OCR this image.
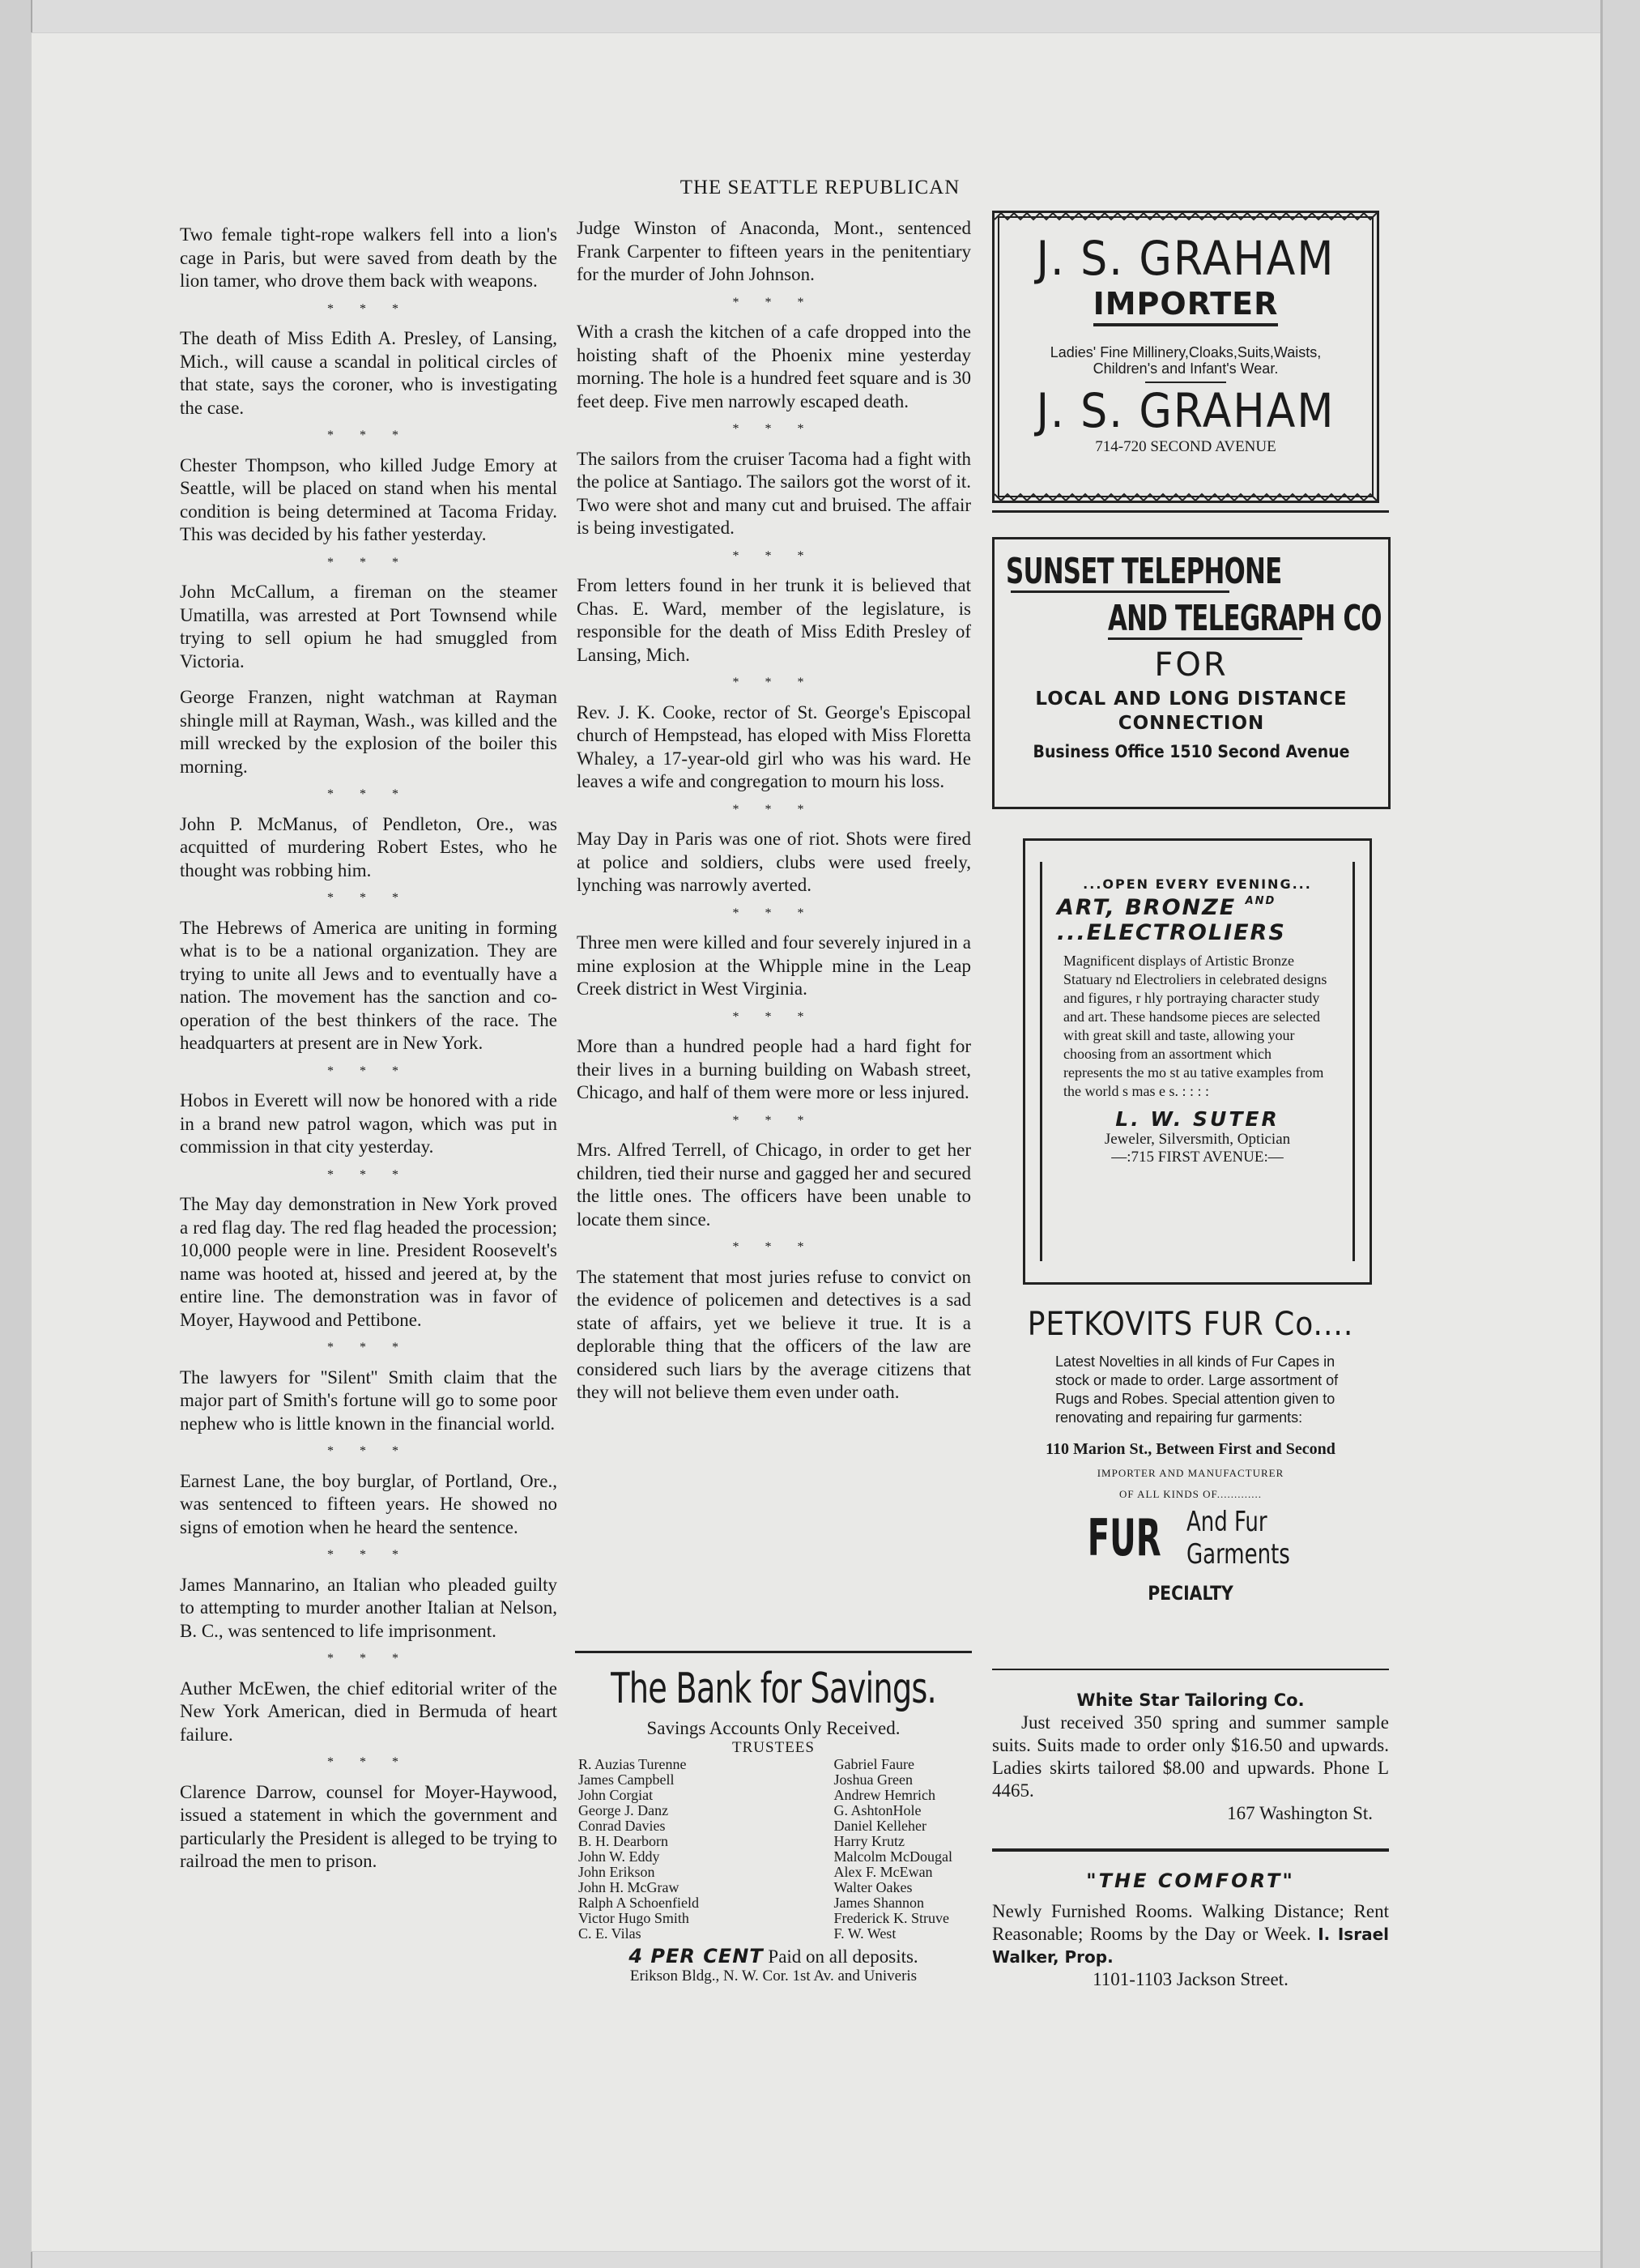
THE SEATTLE REPUBLICAN

Two female tight-rope walkers fell into a lion's cage in Paris, but were saved from death by the lion tamer, who drove them back with weapons.

* * *

The death of Miss Edith A. Presley, of Lansing, Mich., will cause a scandal in political circles of that state, says the coroner, who is investigating the case.

* * *

Chester Thompson, who killed Judge Emory at Seattle, will be placed on stand when his mental condition is being determined at Tacoma Friday. This was decided by his father yesterday.

* * *

John McCallum, a fireman on the steamer Umatilla, was arrested at Port Townsend while trying to sell opium he had smuggled from Victoria.

George Franzen, night watchman at Rayman shingle mill at Rayman, Wash., was killed and the mill wrecked by the explosion of the boiler this morning.

* * *

John P. McManus, of Pendleton, Ore., was acquitted of murdering Robert Estes, who he thought was robbing him.

* * *

The Hebrews of America are uniting in forming what is to be a national organization. They are trying to unite all Jews and to eventually have a nation. The movement has the sanction and co-operation of the best thinkers of the race. The headquarters at present are in New York.

* * *

Hobos in Everett will now be honored with a ride in a brand new patrol wagon, which was put in commission in that city yesterday.

* * *

The May day demonstration in New York proved a red flag day. The red flag headed the procession; 10,000 people were in line. President Roosevelt's name was hooted at, hissed and jeered at, by the entire line. The demonstration was in favor of Moyer, Haywood and Pettibone.

* * *

The lawyers for ''Silent'' Smith claim that the major part of Smith's fortune will go to some poor nephew who is little known in the financial world.

* * *

Earnest Lane, the boy burglar, of Portland, Ore., was sentenced to fifteen years. He showed no signs of emotion when he heard the sentence.

* * *

James Mannarino, an Italian who pleaded guilty to attempting to murder another Italian at Nelson, B. C., was sentenced to life imprisonment.

* * *

Auther McEwen, the chief editorial writer of the New York American, died in Bermuda of heart failure.

* * *

Clarence Darrow, counsel for Moyer-Haywood, issued a statement in which the government and particularly the President is alleged to be trying to railroad the men to prison.

Judge Winston of Anaconda, Mont., sentenced Frank Carpenter to fifteen years in the penitentiary for the murder of John Johnson.

* * *

With a crash the kitchen of a cafe dropped into the hoisting shaft of the Phoenix mine yesterday morning. The hole is a hundred feet square and is 30 feet deep. Five men narrowly escaped death.

* * *

The sailors from the cruiser Tacoma had a fight with the police at Santiago. The sailors got the worst of it. Two were shot and many cut and bruised. The affair is being investigated.

* * *

From letters found in her trunk it is believed that Chas. E. Ward, member of the legislature, is responsible for the death of Miss Edith Presley of Lansing, Mich.

* * *

Rev. J. K. Cooke, rector of St. George's Episcopal church of Hempstead, has eloped with Miss Floretta Whaley, a 17-year-old girl who was his ward. He leaves a wife and congregation to mourn his loss.

* * *

May Day in Paris was one of riot. Shots were fired at police and soldiers, clubs were used freely, lynching was narrowly averted.

* * *

Three men were killed and four severely injured in a mine explosion at the Whipple mine in the Leap Creek district in West Virginia.

* * *

More than a hundred people had a hard fight for their lives in a burning building on Wabash street, Chicago, and half of them were more or less injured.

* * *

Mrs. Alfred Terrell, of Chicago, in order to get her children, tied their nurse and gagged her and secured the little ones. The officers have been unable to locate them since.

* * *

The statement that most juries refuse to convict on the evidence of policemen and detectives is a sad state of affairs, yet we believe it true. It is a deplorable thing that the officers of the law are considered such liars by the average citizens that they will not believe them even under oath.

The Bank for Savings.
Savings Accounts Only Received.
TRUSTEES
R. Auzias Turenne
James Campbell
John Corgiat
George J. Danz
Conrad Davies
B. H. Dearborn
John W. Eddy
John Erikson
John H. McGraw
Ralph A Schoenfield
Victor Hugo Smith
C. E. Vilas
Gabriel Faure
Joshua Green
Andrew Hemrich
G. AshtonHole
Daniel Kelleher
Harry Krutz
Malcolm McDougal
Alex F. McEwan
Walter Oakes
James Shannon
Frederick K. Struve
F. W. West
4 PER CENT Paid on all deposits.
Erikson Bldg., N. W. Cor. 1st Av. and Univeris
J. S. GRAHAM
IMPORTER
Ladies' Fine Millinery,Cloaks,Suits,Waists,
Children's and Infant's Wear.
J. S. GRAHAM
714-720 SECOND AVENUE
SUNSET TELEPHONE
AND TELEGRAPH CO
FOR
LOCAL AND LONG DISTANCE
CONNECTION
Business Office 1510 Second Avenue
...OPEN EVERY EVENING...
ART, BRONZE $^{AND}$
...ELECTROLIERS
Magnificent displays of Artistic Bronze Statuary nd Electroliers in celebrated designs and figures, r hly portraying character study and art. These handsome pieces are selected with great skill and taste, allowing your choosing from an assortment which represents the mo st au tative examples from the world s mas e s. : : : :
L. W. SUTER
Jeweler, Silversmith, Optician
—:715 FIRST AVENUE:—
PETKOVITS FUR Co....
Latest Novelties in all kinds of Fur Capes in stock or made to order. Large assortment of Rugs and Robes. Special attention given to renovating and repairing fur garments:
110 Marion St., Between First and Second
IMPORTER AND MANUFACTURER
OF ALL KINDS OF.............
FUR And Fur
Garments
PECIALTY
White Star Tailoring Co.
Just received 350 spring and summer sample suits. Suits made to order only $16.50 and upwards. Ladies skirts tailored $8.00 and upwards. Phone L 4465.
167 Washington St.
"THE COMFORT"
Newly Furnished Rooms. Walking Distance; Rent Reasonable; Rooms by the Day or Week. I. Israel Walker, Prop.
1101-1103 Jackson Street.
